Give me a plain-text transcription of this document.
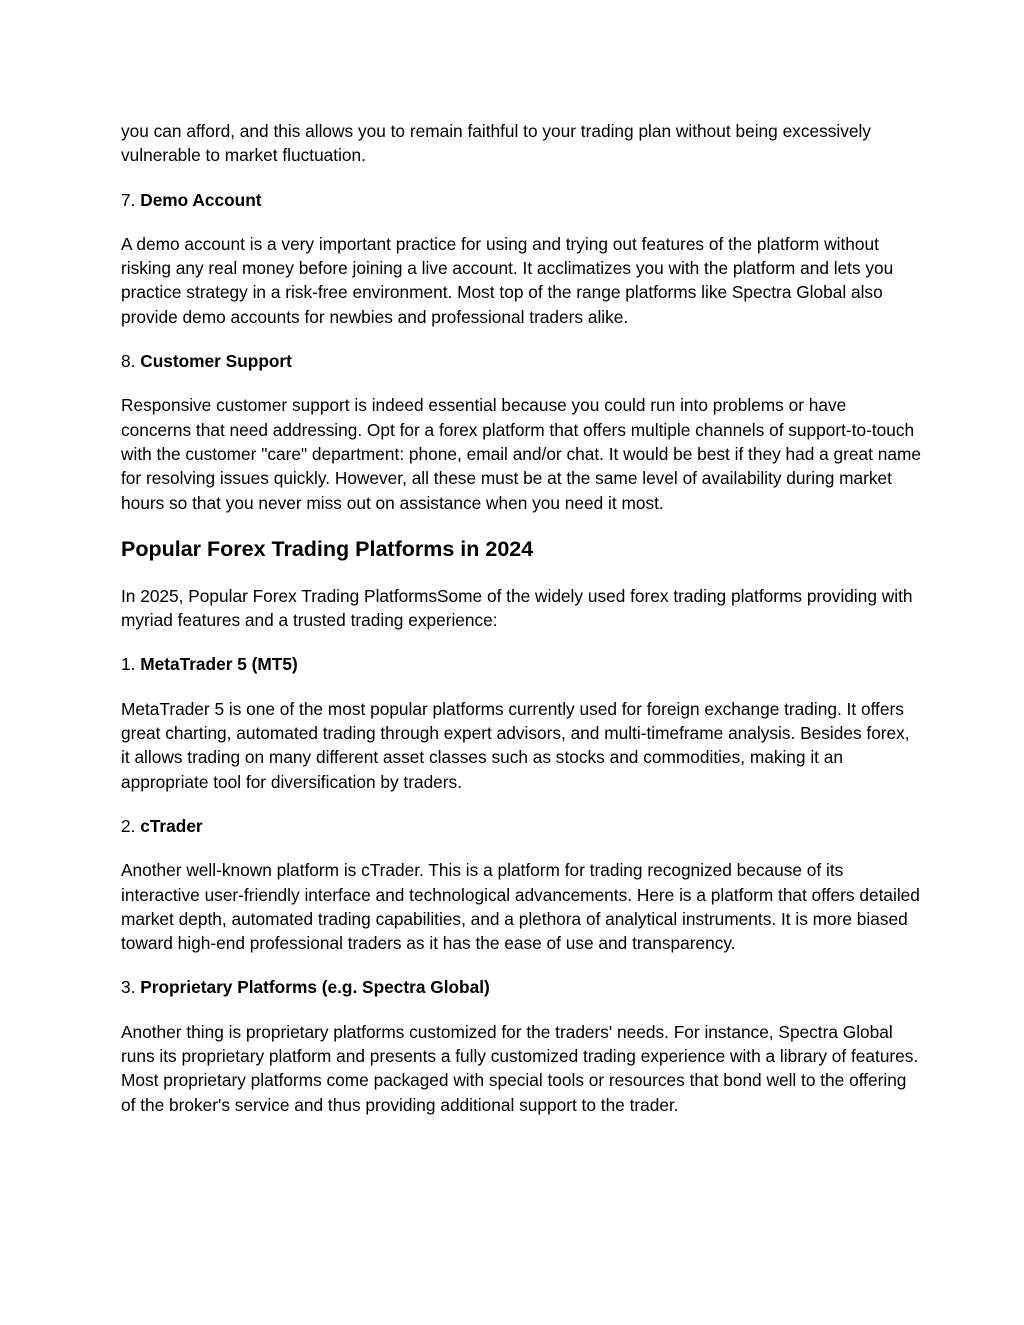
you can afford, and this allows you to remain faithful to your trading plan without being excessively vulnerable to market fluctuation.

7. Demo Account

A demo account is a very important practice for using and trying out features of the platform without risking any real money before joining a live account. It acclimatizes you with the platform and lets you practice strategy in a risk-free environment. Most top of the range platforms like Spectra Global also provide demo accounts for newbies and professional traders alike.

8. Customer Support

Responsive customer support is indeed essential because you could run into problems or have concerns that need addressing. Opt for a forex platform that offers multiple channels of support-to-touch with the customer "care" department: phone, email and/or chat. It would be best if they had a great name for resolving issues quickly. However, all these must be at the same level of availability during market hours so that you never miss out on assistance when you need it most.

Popular Forex Trading Platforms in 2024

In 2025, Popular Forex Trading PlatformsSome of the widely used forex trading platforms providing with myriad features and a trusted trading experience:

1. MetaTrader 5 (MT5)

MetaTrader 5 is one of the most popular platforms currently used for foreign exchange trading. It offers great charting, automated trading through expert advisors, and multi-timeframe analysis. Besides forex, it allows trading on many different asset classes such as stocks and commodities, making it an appropriate tool for diversification by traders.

2. cTrader

Another well-known platform is cTrader. This is a platform for trading recognized because of its interactive user-friendly interface and technological advancements. Here is a platform that offers detailed market depth, automated trading capabilities, and a plethora of analytical instruments. It is more biased toward high-end professional traders as it has the ease of use and transparency.

3. Proprietary Platforms (e.g. Spectra Global)

Another thing is proprietary platforms customized for the traders' needs. For instance, Spectra Global runs its proprietary platform and presents a fully customized trading experience with a library of features. Most proprietary platforms come packaged with special tools or resources that bond well to the offering of the broker's service and thus providing additional support to the trader.
